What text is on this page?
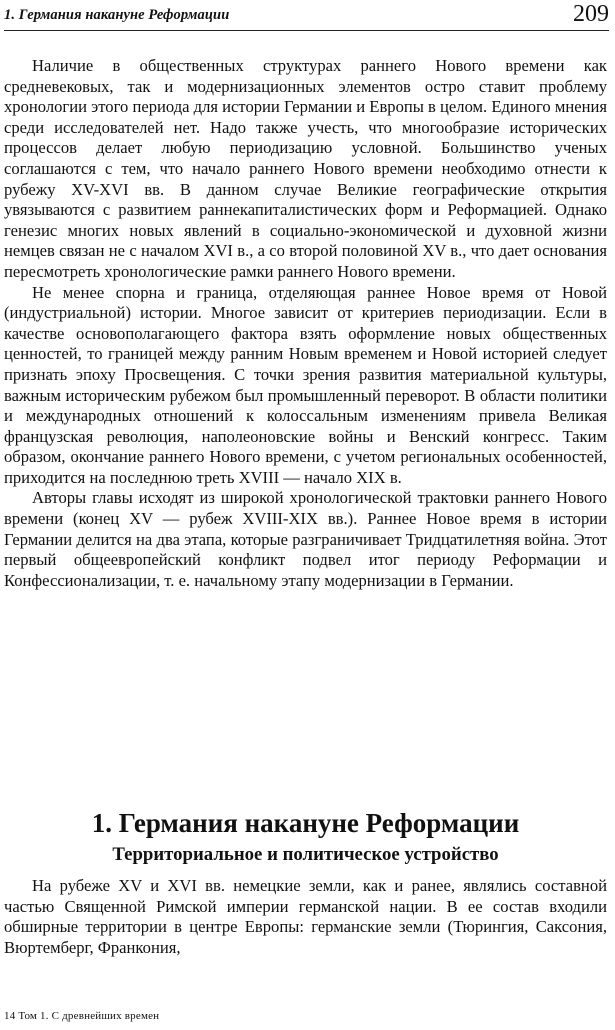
1. Германия накануне Реформации	209

Наличие в общественных структурах раннего Нового времени как средневековых, так и модернизационных элементов остро ставит проблему хронологии этого периода для истории Германии и Европы в целом. Единого мнения среди исследователей нет. Надо также учесть, что многообразие исторических процессов делает любую периодизацию условной. Большинство ученых соглашаются с тем, что начало раннего Нового времени необходимо отнести к рубежу XV-XVI вв. В данном случае Великие географические открытия увязываются с развитием раннекапиталистических форм и Реформацией. Однако генезис многих новых явлений в социально-экономической и духовной жизни немцев связан не с началом XVI в., а со второй половиной XV в., что дает основания пересмотреть хронологические рамки раннего Нового времени.

Не менее спорна и граница, отделяющая раннее Новое время от Новой (индустриальной) истории. Многое зависит от критериев периодизации. Если в качестве основополагающего фактора взять оформление новых общественных ценностей, то границей между ранним Новым временем и Новой историей следует признать эпоху Просвещения. С точки зрения развития материальной культуры, важным историческим рубежом был промышленный переворот. В области политики и международных отношений к колоссальным изменениям привела Великая французская революция, наполеоновские войны и Венский конгресс. Таким образом, окончание раннего Нового времени, с учетом региональных особенностей, приходится на последнюю треть XVIII — начало XIX в.

Авторы главы исходят из широкой хронологической трактовки раннего Нового времени (конец XV — рубеж XVIII-XIX вв.). Раннее Новое время в истории Германии делится на два этапа, которые разграничивает Тридцатилетняя война. Этот первый общеевропейский конфликт подвел итог периоду Реформации и Конфессионализации, т. е. начальному этапу модернизации в Германии.

1. Германия накануне Реформации
Территориальное и политическое устройство

На рубеже XV и XVI вв. немецкие земли, как и ранее, являлись составной частью Священной Римской империи германской нации. В ее состав входили обширные территории в центре Европы: германские земли (Тюрингия, Саксония, Вюртемберг, Франкония,

14 Том 1. С древнейших времен
